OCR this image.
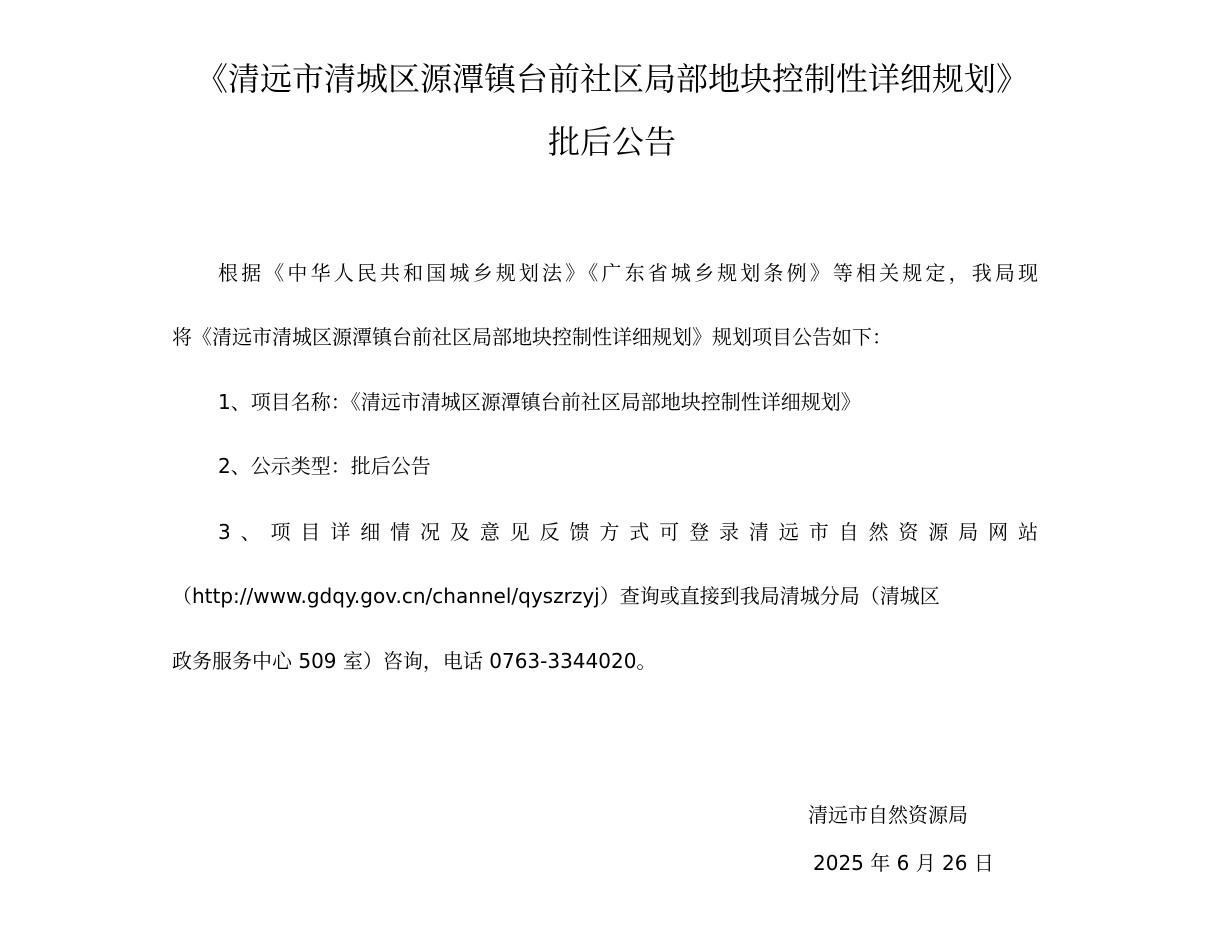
《清远市清城区源潭镇台前社区局部地块控制性详细规划》
批后公告
根据《中华人民共和国城乡规划法》《广东省城乡规划条例》等相关规定，我局现
将《清远市清城区源潭镇台前社区局部地块控制性详细规划》规划项目公告如下：
1、项目名称：《清远市清城区源潭镇台前社区局部地块控制性详细规划》
2、公示类型：批后公告
3、项目详细情况及意见反馈方式可登录清远市自然资源局网站
（http://www.gdqy.gov.cn/channel/qyszrzyj）查询或直接到我局清城分局（清城区
政务服务中心 509 室）咨询，电话 0763-3344020。
清远市自然资源局
2025 年 6 月 26 日
